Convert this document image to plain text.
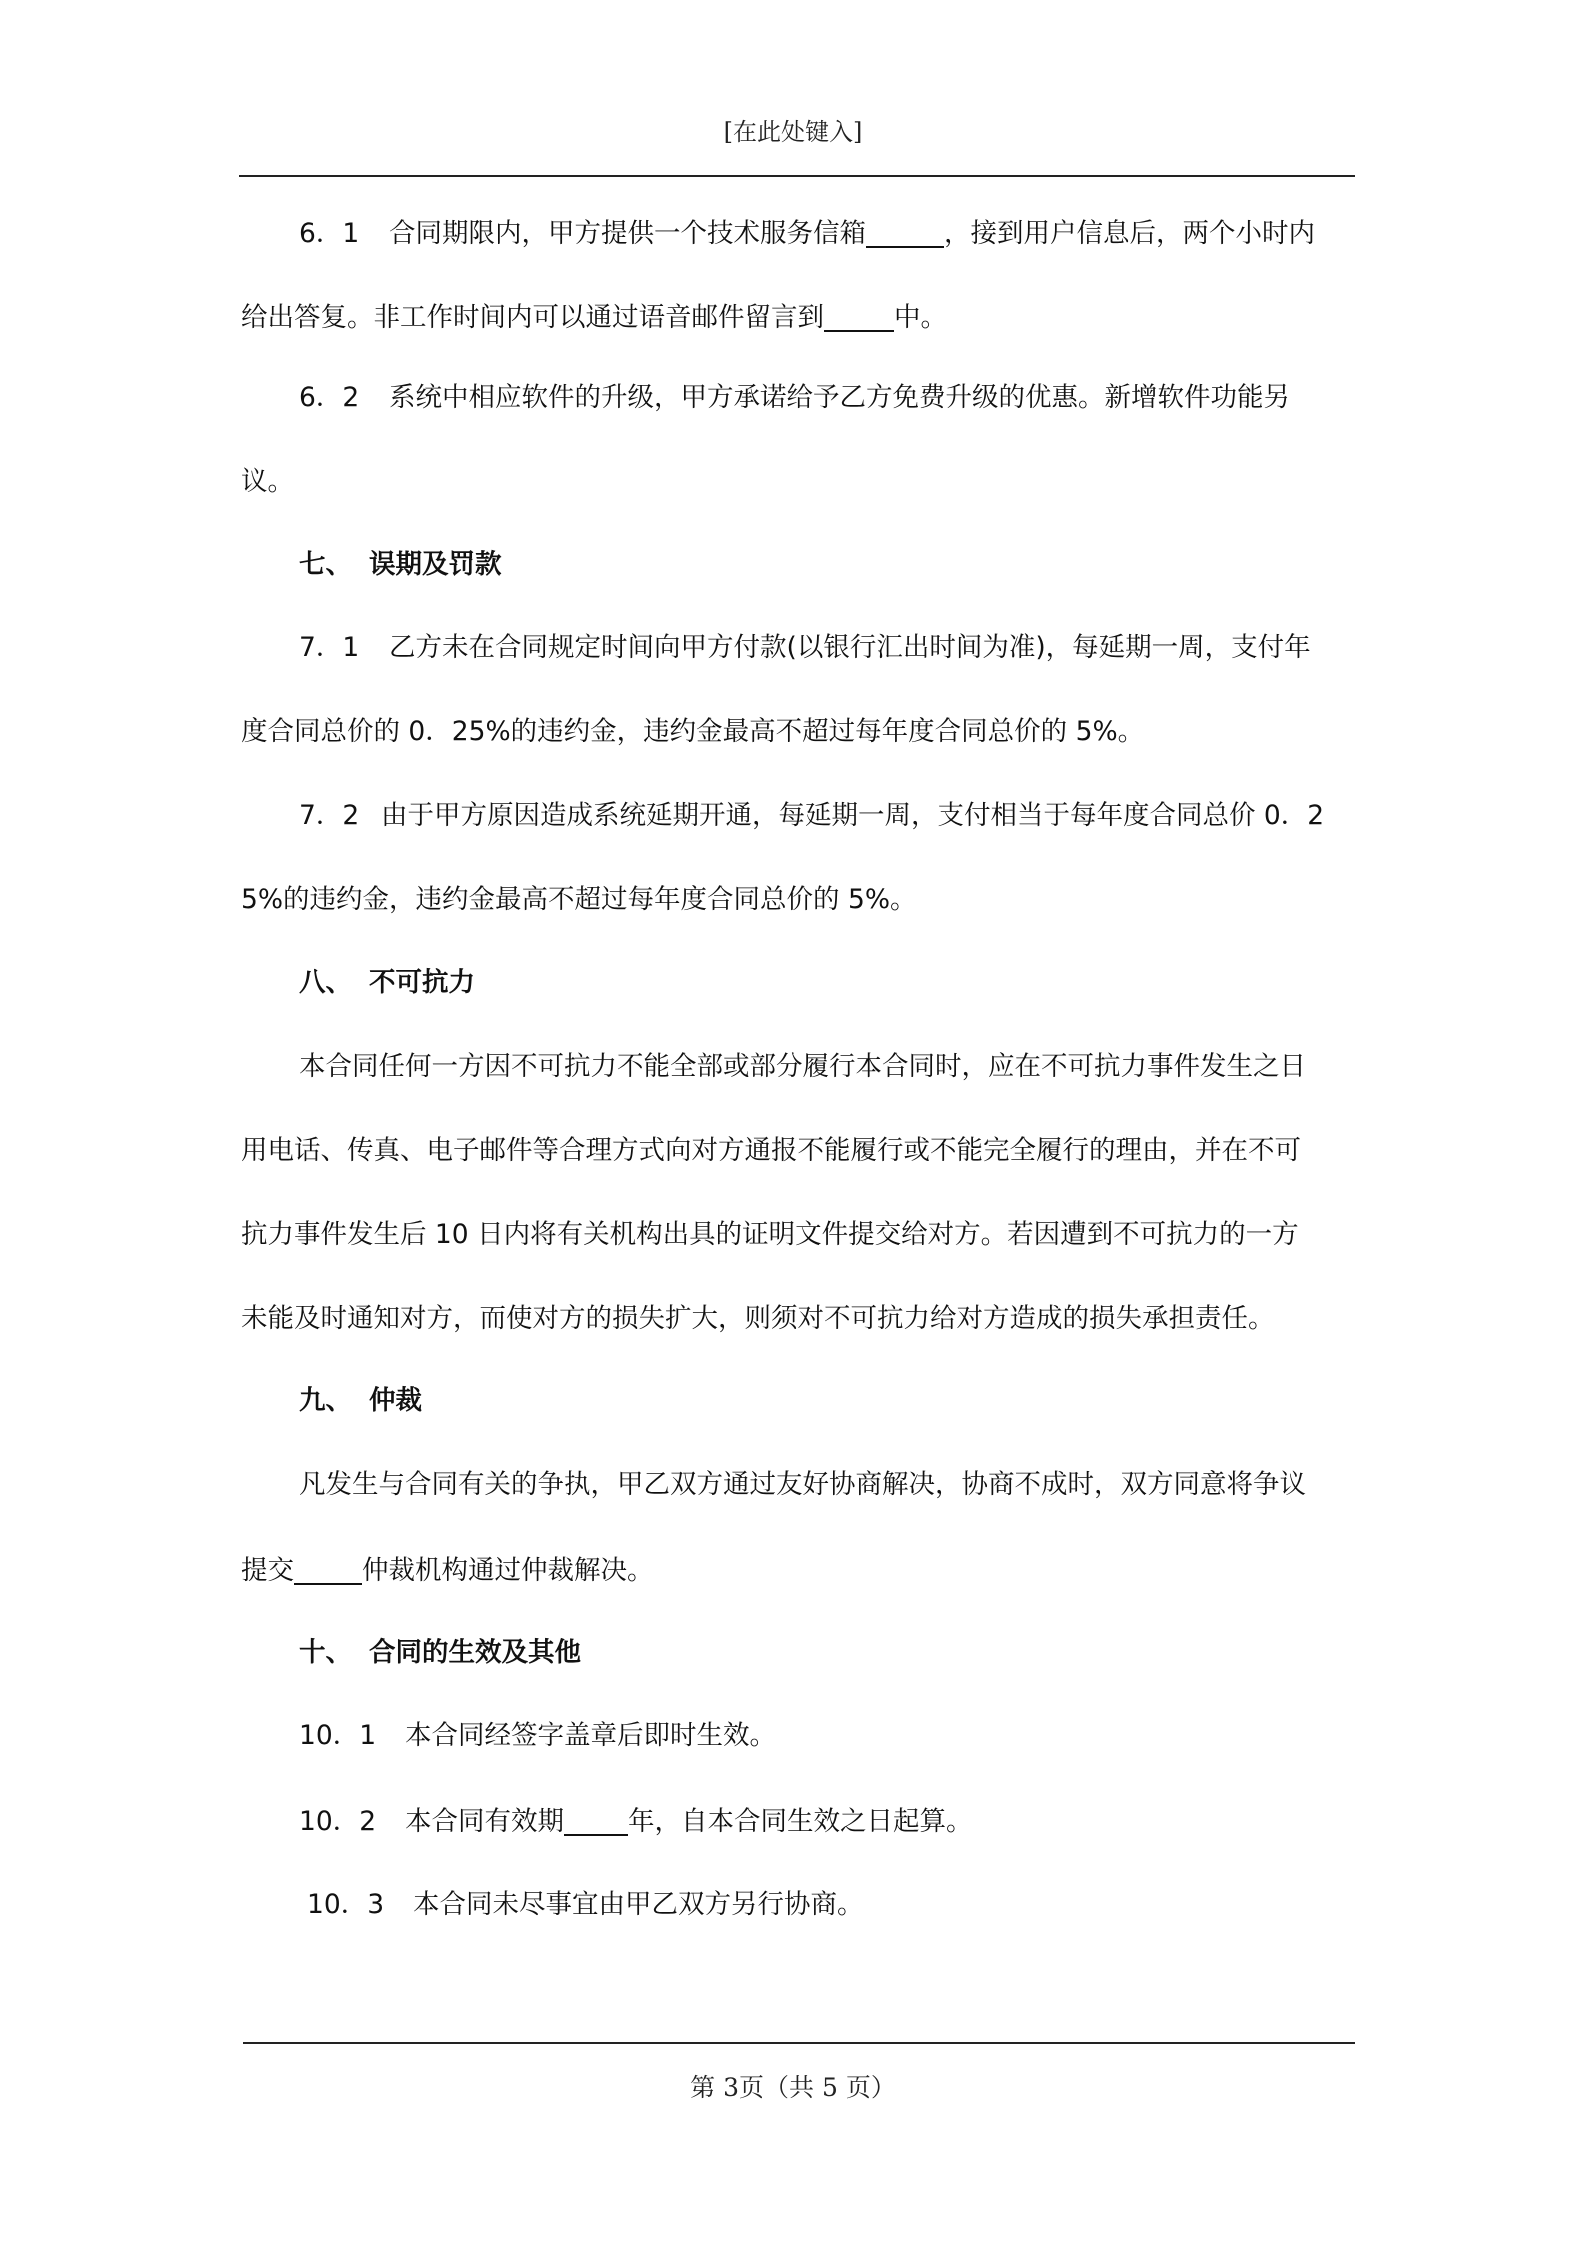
[在此处键入]
6．1 合同期限内，甲方提供一个技术服务信箱	，接到用户信息后，两个小时内
给出答复。非工作时间内可以通过语音邮件留言到	中。
6．2 系统中相应软件的升级，甲方承诺给予乙方免费升级的优惠。新增软件功能另
议。
七、 误期及罚款
7．1 乙方未在合同规定时间向甲方付款(以银行汇出时间为准)，每延期一周，支付年
度合同总价的 0．25%的违约金，违约金最高不超过每年度合同总价的 5%。
7．2 由于甲方原因造成系统延期开通，每延期一周，支付相当于每年度合同总价 0．2
5%的违约金，违约金最高不超过每年度合同总价的 5%。
八、 不可抗力
本合同任何一方因不可抗力不能全部或部分履行本合同时，应在不可抗力事件发生之日
用电话、传真、电子邮件等合理方式向对方通报不能履行或不能完全履行的理由，并在不可
抗力事件发生后 10 日内将有关机构出具的证明文件提交给对方。若因遭到不可抗力的一方
未能及时通知对方，而使对方的损失扩大，则须对不可抗力给对方造成的损失承担责任。
九、 仲裁
凡发生与合同有关的争执，甲乙双方通过友好协商解决，协商不成时，双方同意将争议
提交	仲裁机构通过仲裁解决。
十、 合同的生效及其他
10．1 本合同经签字盖章后即时生效。
10．2 本合同有效期 年，自本合同生效之日起算。
10．3 本合同未尽事宜由甲乙双方另行协商。
第 3页（共 5 页）
